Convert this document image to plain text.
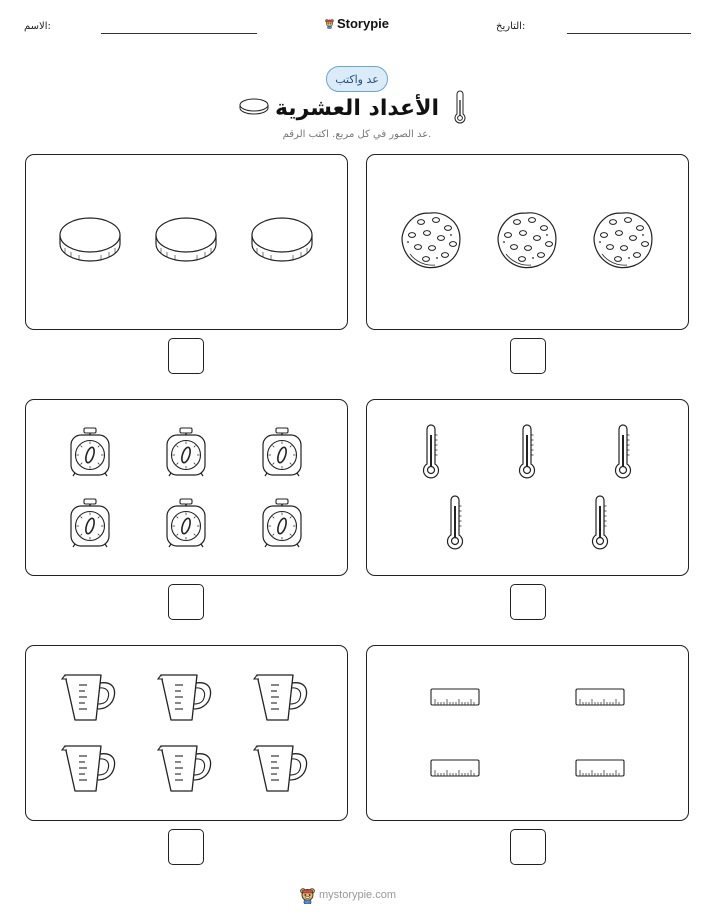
الاسم:	Storypie	التاريخ:
عد واكتب
الأعداد العشرية
عد الصور في كل مربع. اكتب الرقم.
mystorypie.com
